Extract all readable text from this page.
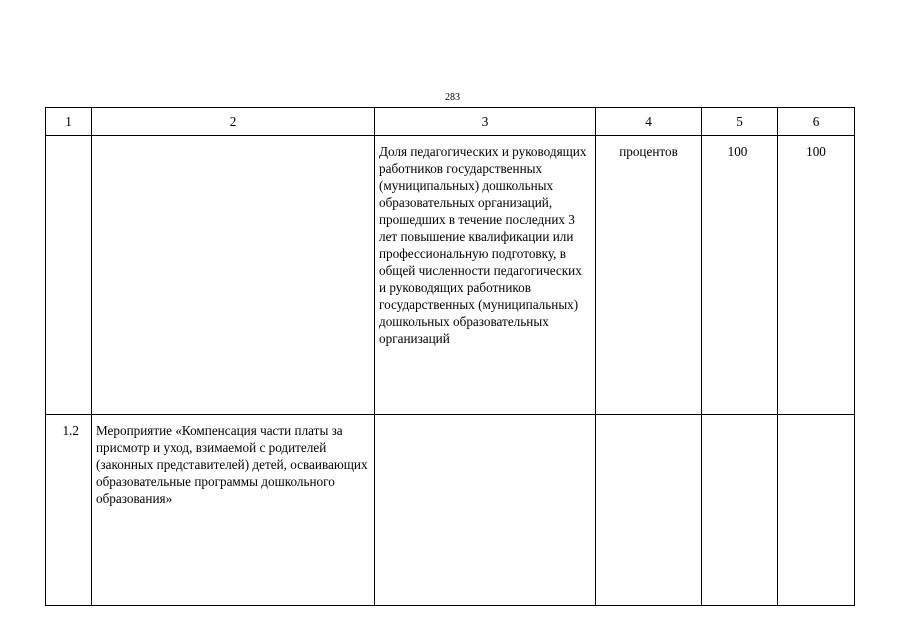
283
1	2	3	4	5	6
		Доля педагогических и руководящих работников государственных (муниципальных) дошкольных образовательных организаций, прошедших в течение последних 3 лет повышение квалификации или профессиональную подготовку, в общей численности педагогических и руководящих работников государственных (муниципальных) дошкольных образовательных организаций	процентов	100	100
1.2	Мероприятие «Компенсация части платы за присмотр и уход, взимаемой с родителей (законных представителей) детей, осваивающих образовательные программы дошкольного образования»				
